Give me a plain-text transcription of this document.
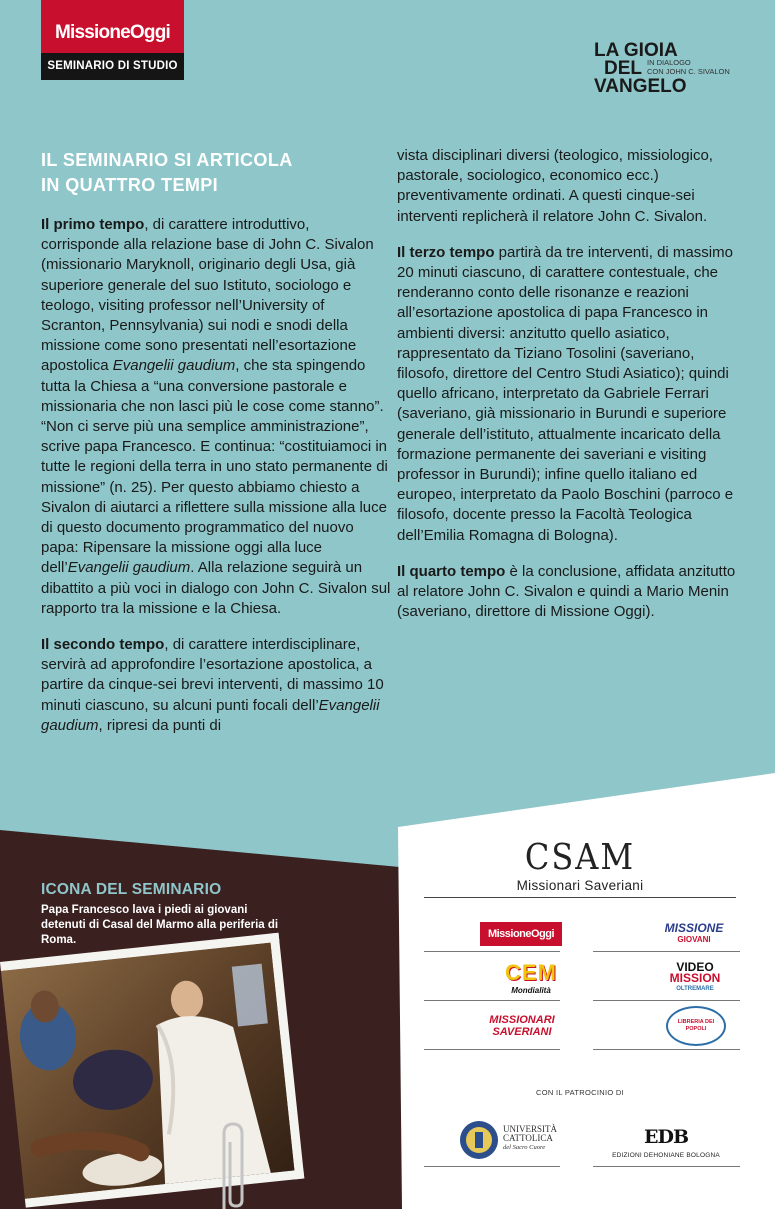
MissioneOggi
SEMINARIO DI STUDIO
LA GIOIA
DEL
VANGELO
IN DIALOGO
CON JOHN C. SIVALON
IL SEMINARIO SI ARTICOLA
IN QUATTRO TEMPI

Il primo tempo, di carattere introduttivo, corrisponde alla relazione base di John C. Sivalon (missionario Maryknoll, originario degli Usa, già superiore generale del suo Istituto, sociologo e teologo, visiting professor nell’University of Scranton, Pennsylvania) sui nodi e snodi della missione come sono presentati nell’esortazione apostolica Evangelii gaudium, che sta spingendo tutta la Chiesa a “una conversione pastorale e missionaria che non lasci più le cose come stanno”. “Non ci serve più una semplice amministrazione”, scrive papa Francesco. E continua: “costituiamoci in tutte le regioni della terra in uno stato permanente di missione” (n. 25). Per questo abbiamo chiesto a Sivalon di aiutarci a riflettere sulla missione alla luce di questo documento programmatico del nuovo papa: Ripensare la missione oggi alla luce dell’Evangelii gaudium. Alla relazione seguirà un dibattito a più voci in dialogo con John C. Sivalon sul rapporto tra la missione e la Chiesa.

Il secondo tempo, di carattere interdisciplinare, servirà ad approfondire l’esortazione apostolica, a partire da cinque-sei brevi interventi, di massimo 10 minuti ciascuno, su alcuni punti focali dell’Evangelii gaudium, ripresi da punti di

vista disciplinari diversi (teologico, missiologico, pastorale, sociologico, economico ecc.) preventivamente ordinati. A questi cinque-sei interventi replicherà il relatore John C. Sivalon.

Il terzo tempo partirà da tre interventi, di massimo 20 minuti ciascuno, di carattere contestuale, che renderanno conto delle risonanze e reazioni all’esortazione apostolica di papa Francesco in ambienti diversi: anzitutto quello asiatico, rappresentato da Tiziano Tosolini (saveriano, filosofo, direttore del Centro Studi Asiatico); quindi quello africano, interpretato da Gabriele Ferrari (saveriano, già missionario in Burundi e superiore generale dell’istituto, attualmente incaricato della formazione permanente dei saveriani e visiting professor in Burundi); infine quello italiano ed europeo, interpretato da Paolo Boschini (parroco e filosofo, docente presso la Facoltà Teologica dell’Emilia Romagna di Bologna).

Il quarto tempo è la conclusione, affidata anzitutto al relatore John C. Sivalon e quindi a Mario Menin (saveriano, direttore di Missione Oggi).

ICONA DEL SEMINARIO
Papa Francesco lava i piedi ai giovani detenuti di Casal del Marmo alla periferia di Roma.
CSAM
Missionari Saveriani
MissioneOggi	MISSIONE
GIOVANI
CEM
Mondialità
VIDEO
MISSION
OLTREMARE
MISSIONARI
SAVERIANI
LIBRERIA DEI POPOLI
CON IL PATROCINIO DI
UNIVERSITÀ
CATTOLICA
del Sacro Cuore	EDB
EDIZIONI DEHONIANE BOLOGNA
